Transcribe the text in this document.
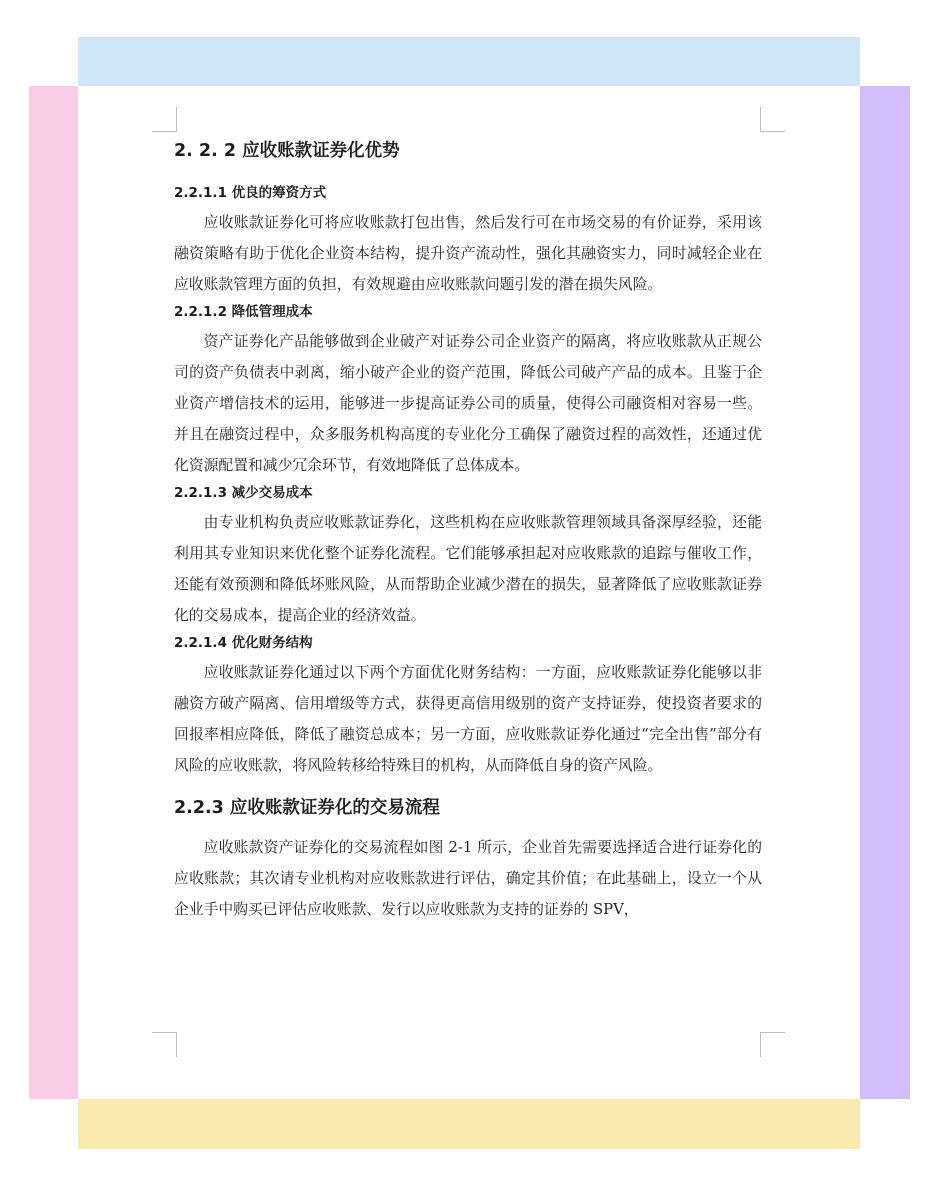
2. 2. 2 应收账款证券化优势
2.2.1.1 优良的筹资方式

应收账款证券化可将应收账款打包出售，然后发行可在市场交易的有价证券，采用该融资策略有助于优化企业资本结构，提升资产流动性，强化其融资实力，同时减轻企业在应收账款管理方面的负担，有效规避由应收账款问题引发的潜在损失风险。

2.2.1.2 降低管理成本

资产证券化产品能够做到企业破产对证券公司企业资产的隔离，将应收账款从正规公司的资产负债表中剥离，缩小破产企业的资产范围，降低公司破产产品的成本。且鉴于企业资产增信技术的运用，能够进一步提高证券公司的质量，使得公司融资相对容易一些。并且在融资过程中，众多服务机构高度的专业化分工确保了融资过程的高效性，还通过优化资源配置和减少冗余环节，有效地降低了总体成本。

2.2.1.3 减少交易成本

由专业机构负责应收账款证券化，这些机构在应收账款管理领域具备深厚经验，还能利用其专业知识来优化整个证券化流程。它们能够承担起对应收账款的追踪与催收工作，还能有效预测和降低坏账风险，从而帮助企业减少潜在的损失，显著降低了应收账款证券化的交易成本，提高企业的经济效益。

2.2.1.4 优化财务结构

应收账款证券化通过以下两个方面优化财务结构：一方面，应收账款证券化能够以非融资方破产隔离、信用增级等方式，获得更高信用级别的资产支持证券，使投资者要求的回报率相应降低，降低了融资总成本；另一方面，应收账款证券化通过“完全出售”部分有风险的应收账款，将风险转移给特殊目的机构，从而降低自身的资产风险。

2.2.3 应收账款证券化的交易流程

应收账款资产证券化的交易流程如图 2-1 所示，企业首先需要选择适合进行证券化的应收账款；其次请专业机构对应收账款进行评估，确定其价值；在此基础上，设立一个从企业手中购买已评估应收账款、发行以应收账款为支持的证券的 SPV，
